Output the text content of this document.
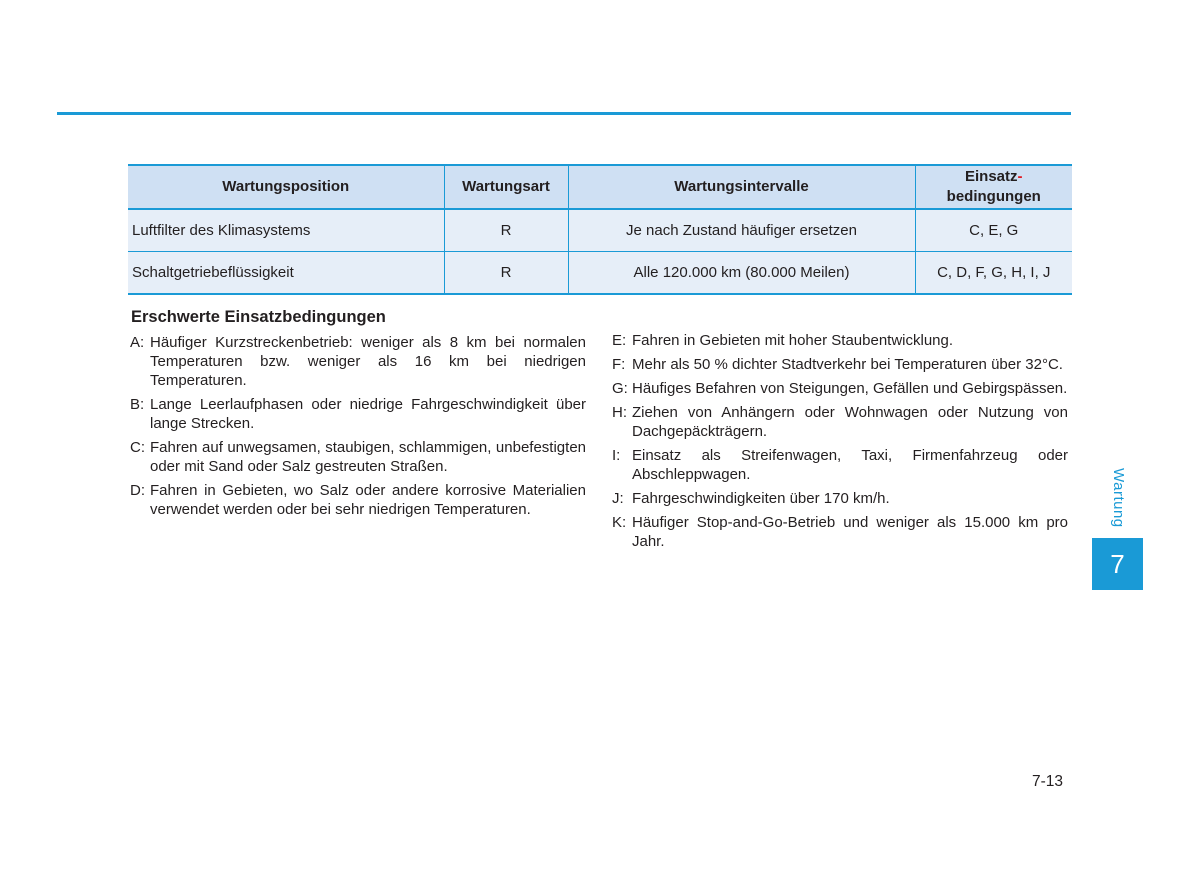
Wartungsposition	Wartungsart	Wartungsintervalle	Einsatz-
bedingungen
Luftfilter des Klimasystems	R	Je nach Zustand häufiger ersetzen	C, E, G
Schaltgetriebeflüssigkeit	R	Alle 120.000 km (80.000 Meilen)	C, D, F, G, H, I, J
Erschwerte Einsatzbedingungen
A: Häufiger Kurzstreckenbetrieb: weniger als 8 km bei normalen Temperaturen bzw. weniger als 16 km bei niedrigen Temperaturen.
B: Lange Leerlaufphasen oder niedrige Fahrgeschwindigkeit über lange Strecken.
C: Fahren auf unwegsamen, staubigen, schlammigen, unbefestigten oder mit Sand oder Salz gestreuten Straßen.
D: Fahren in Gebieten, wo Salz oder andere korrosive Materialien verwendet werden oder bei sehr niedrigen Temperaturen.
E: Fahren in Gebieten mit hoher Staubentwicklung.
F: Mehr als 50 % dichter Stadtverkehr bei Temperaturen über 32°C.
G: Häufiges Befahren von Steigungen, Gefällen und Gebirgspässen.
H: Ziehen von Anhängern oder Wohnwagen oder Nutzung von Dachgepäckträgern.
I: Einsatz als Streifenwagen, Taxi, Firmenfahrzeug oder Abschleppwagen.
J: Fahrgeschwindigkeiten über 170 km/h.
K: Häufiger Stop-and-Go-Betrieb und weniger als 15.000 km pro Jahr.
Wartung
7
7-13
